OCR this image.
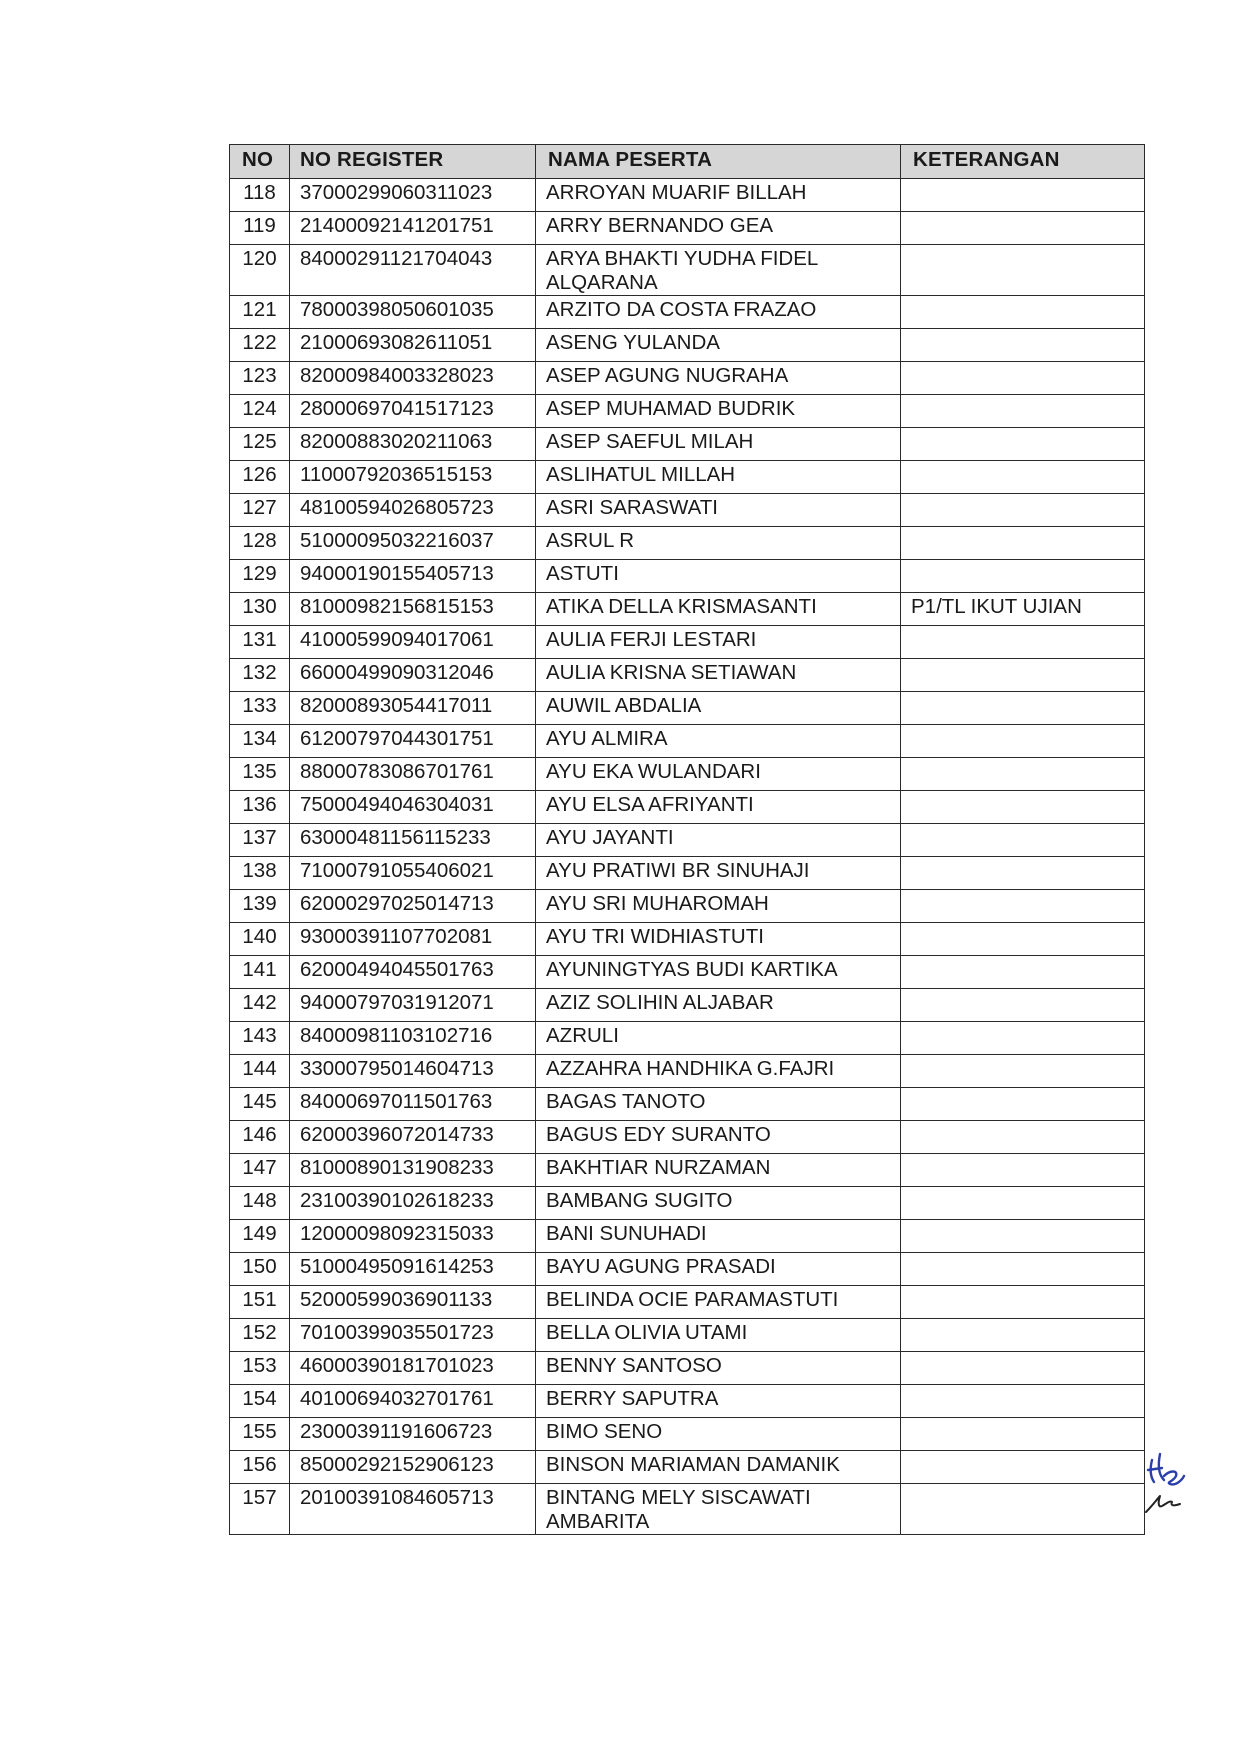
NO	NO REGISTER	NAMA PESERTA	KETERANGAN
118	37000299060311023	ARROYAN MUARIF BILLAH	
119	21400092141201751	ARRY BERNANDO GEA	
120	84000291121704043	ARYA BHAKTI YUDHA FIDEL ALQARANA	
121	78000398050601035	ARZITO DA COSTA FRAZAO	
122	21000693082611051	ASENG YULANDA	
123	82000984003328023	ASEP AGUNG NUGRAHA	
124	28000697041517123	ASEP MUHAMAD BUDRIK	
125	82000883020211063	ASEP SAEFUL MILAH	
126	11000792036515153	ASLIHATUL MILLAH	
127	48100594026805723	ASRI SARASWATI	
128	51000095032216037	ASRUL R	
129	94000190155405713	ASTUTI	
130	81000982156815153	ATIKA DELLA KRISMASANTI	P1/TL IKUT UJIAN
131	41000599094017061	AULIA FERJI LESTARI	
132	66000499090312046	AULIA KRISNA SETIAWAN	
133	82000893054417011	AUWIL ABDALIA	
134	61200797044301751	AYU ALMIRA	
135	88000783086701761	AYU EKA WULANDARI	
136	75000494046304031	AYU ELSA AFRIYANTI	
137	63000481156115233	AYU JAYANTI	
138	71000791055406021	AYU PRATIWI BR SINUHAJI	
139	62000297025014713	AYU SRI MUHAROMAH	
140	93000391107702081	AYU TRI WIDHIASTUTI	
141	62000494045501763	AYUNINGTYAS BUDI KARTIKA	
142	94000797031912071	AZIZ SOLIHIN ALJABAR	
143	84000981103102716	AZRULI	
144	33000795014604713	AZZAHRA HANDHIKA G.FAJRI	
145	84000697011501763	BAGAS TANOTO	
146	62000396072014733	BAGUS EDY SURANTO	
147	81000890131908233	BAKHTIAR NURZAMAN	
148	23100390102618233	BAMBANG SUGITO	
149	12000098092315033	BANI SUNUHADI	
150	51000495091614253	BAYU AGUNG PRASADI	
151	52000599036901133	BELINDA OCIE PARAMASTUTI	
152	70100399035501723	BELLA OLIVIA UTAMI	
153	46000390181701023	BENNY SANTOSO	
154	40100694032701761	BERRY SAPUTRA	
155	23000391191606723	BIMO SENO	
156	85000292152906123	BINSON MARIAMAN DAMANIK	
157	20100391084605713	BINTANG MELY SISCAWATI AMBARITA	
